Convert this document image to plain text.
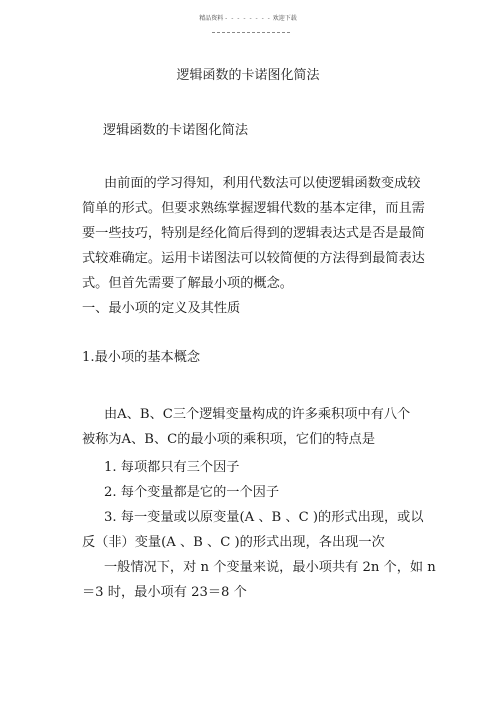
精品资料 - - - - - - - - 欢迎下载
逻辑函数的卡诺图化简法
逻辑函数的卡诺图化简法
由前面的学习得知，利用代数法可以使逻辑函数变成较
简单的形式。但要求熟练掌握逻辑代数的基本定律，而且需
要一些技巧，特别是经化简后得到的逻辑表达式是否是最简
式较难确定。运用卡诺图法可以较简便的方法得到最简表达
式。但首先需要了解最小项的概念。
一、最小项的定义及其性质
1.最小项的基本概念
由A、B、C三个逻辑变量构成的许多乘积项中有八个
被称为A、B、C的最小项的乘积项，它们的特点是
1. 每项都只有三个因子
2. 每个变量都是它的一个因子
3. 每一变量或以原变量(A 、B 、C )的形式出现，或以
反（非）变量(A 、B 、C )的形式出现，各出现一次
一般情况下，对 n 个变量来说，最小项共有 2n 个，如 n
＝3 时，最小项有 23＝8 个
